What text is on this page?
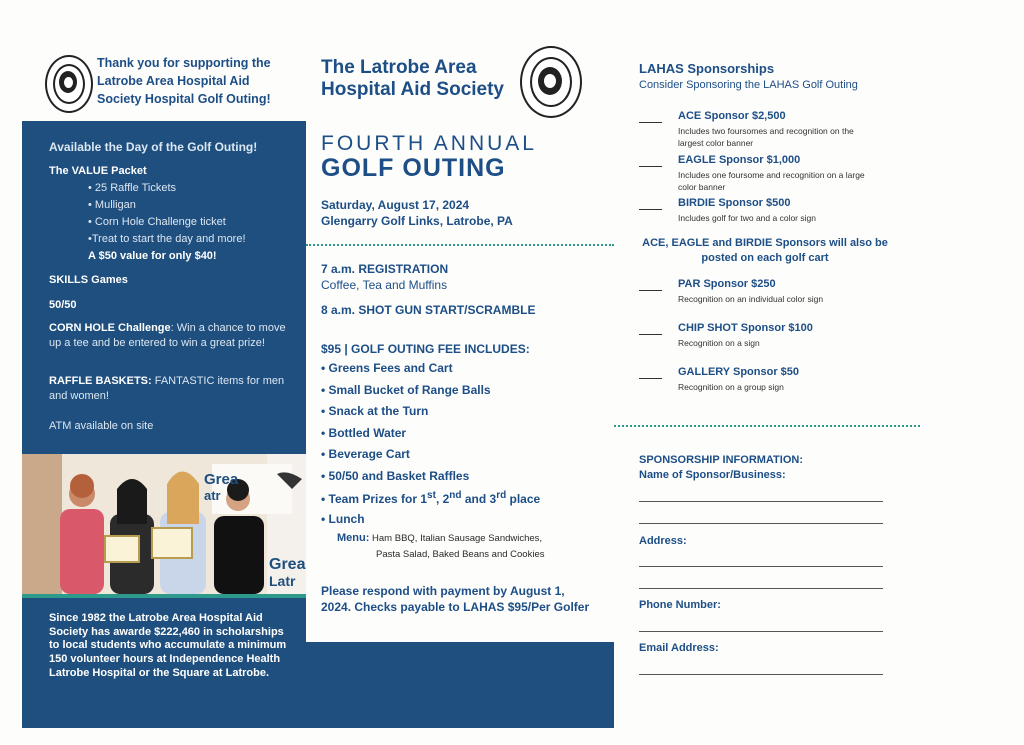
Thank you for supporting the Latrobe Area Hospital Aid Society Hospital Golf Outing!
Available the Day of the Golf Outing!
The VALUE Packet
• 25 Raffle Tickets
• Mulligan
• Corn Hole Challenge ticket
•Treat to start the day and more!
A $50 value for only $40!
SKILLS Games
50/50
CORN HOLE Challenge: Win a chance to move up a tee and be entered to win a great prize!
RAFFLE BASKETS: FANTASTIC items for men and women!
ATM available on site
Grea
Latr
Grea
atr
Since 1982 the Latrobe Area Hospital Aid Society has awarde $222,460 in scholarships to local students who accumulate a minimum 150 volunteer hours at Independence Health Latrobe Hospital or the Square at Latrobe.
The Latrobe Area
Hospital Aid Society
FOURTH ANNUAL
GOLF OUTING
Saturday, August 17, 2024
Glengarry Golf Links, Latrobe, PA
7 a.m. REGISTRATION
Coffee, Tea and Muffins
8 a.m. SHOT GUN START/SCRAMBLE
$95 | GOLF OUTING FEE INCLUDES:
• Greens Fees and Cart
• Small Bucket of Range Balls
• Snack at the Turn
• Bottled Water
• Beverage Cart
• 50/50 and Basket Raffles
• Team Prizes for 1st, 2nd and 3rd place
• Lunch
Menu: Ham BBQ, Italian Sausage Sandwiches,
Pasta Salad, Baked Beans and Cookies
Please respond with payment by August 1, 2024. Checks payable to LAHAS $95/Per Golfer
LAHAS Sponsorships
Consider Sponsoring the LAHAS Golf Outing
ACE Sponsor $2,500
Includes two foursomes and recognition on the largest color banner
EAGLE Sponsor $1,000
Includes one foursome and recognition on a large color banner
BIRDIE Sponsor $500
Includes golf for two and a color sign
ACE, EAGLE and BIRDIE Sponsors will also be posted on each golf cart
PAR Sponsor $250
Recognition on an individual color sign
CHIP SHOT Sponsor $100
Recognition on a sign
GALLERY Sponsor $50
Recognition on a group sign
SPONSORSHIP INFORMATION:
Name of Sponsor/Business:
Address:
Phone Number:
Email Address:
